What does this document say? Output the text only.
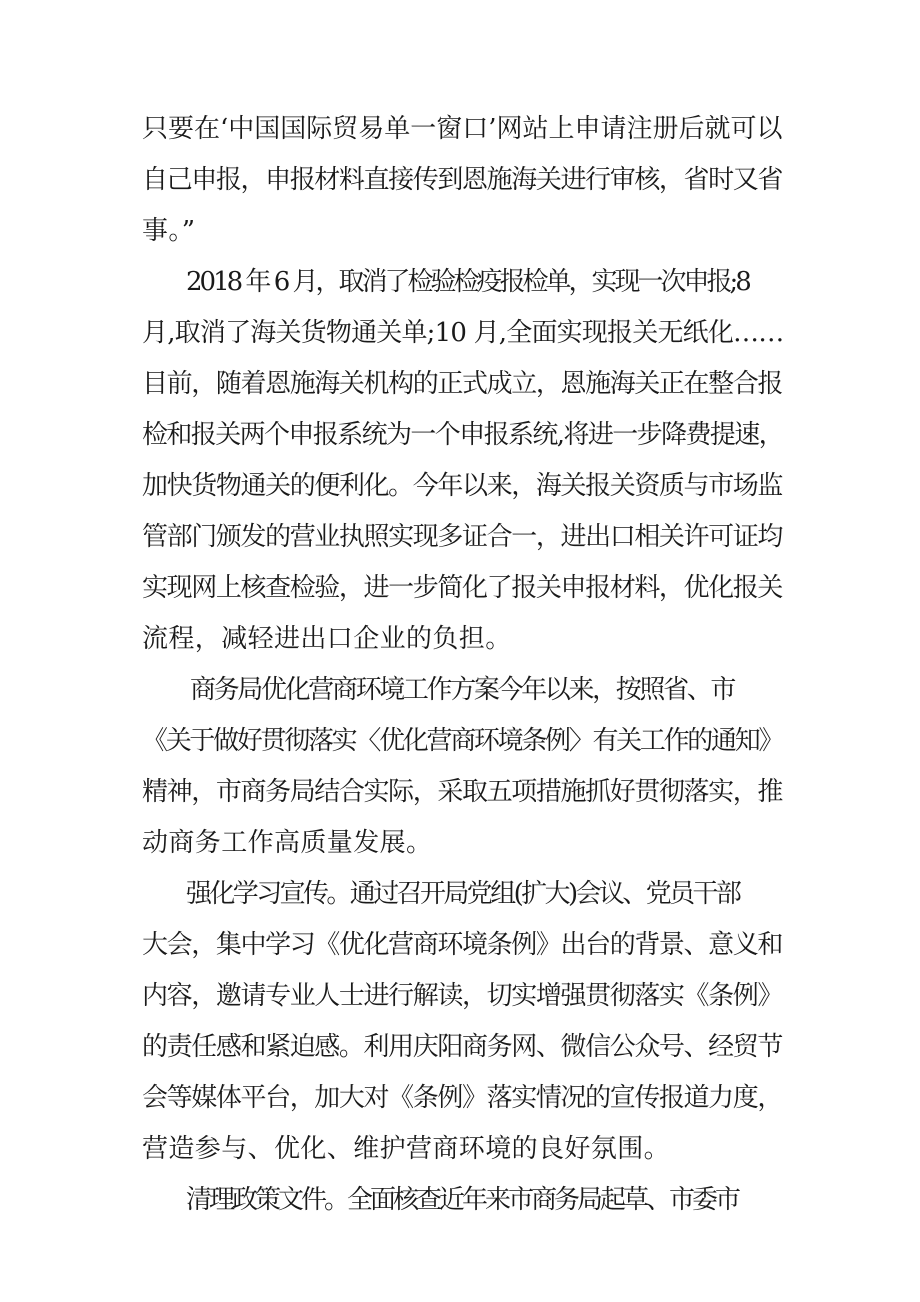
只要在‘中国国际贸易单一窗口’网站上申请注册后就可以
自己申报，申报材料直接传到恩施海关进行审核，省时又省
事。”
2018 年 6 月，取消了检验检疫报检单，实现一次申报;8
月,取消了海关货物通关单;10 月,全面实现报关无纸化……
目前，随着恩施海关机构的正式成立，恩施海关正在整合报
检和报关两个申报系统为一个申报系统,将进一步降费提速，
加快货物通关的便利化。今年以来，海关报关资质与市场监
管部门颁发的营业执照实现多证合一，进出口相关许可证均
实现网上核查检验，进一步简化了报关申报材料，优化报关
流程，减轻进出口企业的负担。
商务局优化营商环境工作方案今年以来，按照省、市
《关于做好贯彻落实〈优化营商环境条例〉有关工作的通知》
精神，市商务局结合实际，采取五项措施抓好贯彻落实，推
动商务工作高质量发展。
强化学习宣传。通过召开局党组(扩大)会议、党员干部
大会，集中学习《优化营商环境条例》出台的背景、意义和
内容，邀请专业人士进行解读，切实增强贯彻落实《条例》
的责任感和紧迫感。利用庆阳商务网、微信公众号、经贸节
会等媒体平台，加大对《条例》落实情况的宣传报道力度，
营造参与、优化、维护营商环境的良好氛围。
清理政策文件。全面核查近年来市商务局起草、市委市
